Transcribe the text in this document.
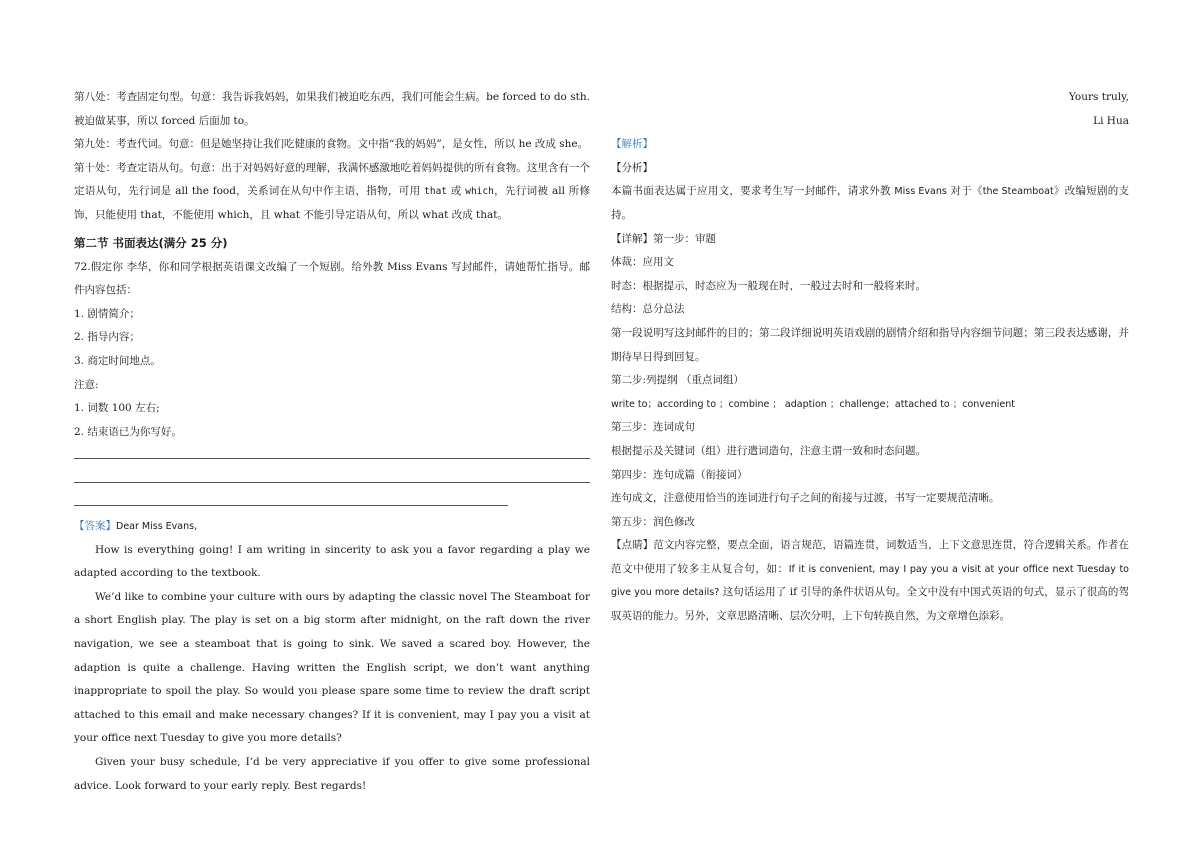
第八处：考查固定句型。句意：我告诉我妈妈，如果我们被迫吃东西，我们可能会生病。be forced to do sth.被迫做某事，所以 forced 后面加 to。

第九处：考查代词。句意：但是她坚持让我们吃健康的食物。文中指“我的妈妈”，是女性，所以 he 改成 she。

第十处：考查定语从句。句意：出于对妈妈好意的理解，我满怀感激地吃着妈妈提供的所有食物。这里含有一个定语从句，先行词是 all the food，关系词在从句中作主语，指物，可用 that 或 which，先行词被 all 所修饰，只能使用 that，不能使用 which，且 what 不能引导定语从句，所以 what 改成 that。

第二节 书面表达(满分 25 分)

72.假定你 李华，你和同学根据英语课文改编了一个短剧。给外教 Miss Evans 写封邮件，请她帮忙指导。邮件内容包括：

1. 剧情简介；

2. 指导内容；

3. 商定时间地点。

注意:

1. 词数 100 左右;

2. 结束语已为你写好。

【答案】Dear Miss Evans,

How is everything going! I am writing in sincerity to ask you a favor regarding a play we adapted according to the textbook.

We’d like to combine your culture with ours by adapting the classic novel The Steamboat for a short English play. The play is set on a big storm after midnight, on the raft down the river navigation, we see a steamboat that is going to sink. We saved a scared boy. However, the adaption is quite a challenge. Having written the English script, we don’t want anything inappropriate to spoil the play. So would you please spare some time to review the draft script attached to this email and make necessary changes? If it is convenient, may I pay you a visit at your office next Tuesday to give you more details?

Given your busy schedule, I’d be very appreciative if you offer to give some professional advice. Look forward to your early reply. Best regards!

Yours truly,

Li Hua

【解析】

【分析】

本篇书面表达属于应用文，要求考生写一封邮件，请求外教 Miss Evans 对于《the Steamboat》改编短剧的支持。

【详解】第一步：审题

体裁：应用文

时态：根据提示，时态应为一般现在时，一般过去时和一般将来时。

结构：总分总法

第一段说明写这封邮件的目的；第二段详细说明英语戏剧的剧情介绍和指导内容细节问题；第三段表达感谢，并期待早日得到回复。

第二步:列提纲 （重点词组）

write to；according to ；combine ； adaption ；challenge；attached to ；convenient

第三步：连词成句

根据提示及关键词（组）进行遣词造句，注意主谓一致和时态问题。

第四步：连句成篇（衔接词）

连句成文，注意使用恰当的连词进行句子之间的衔接与过渡，书写一定要规范清晰。

第五步：润色修改

【点睛】范文内容完整，要点全面，语言规范，语篇连贯，词数适当，上下文意思连贯，符合逻辑关系。作者在范文中使用了较多主从复合句，如：If it is convenient, may I pay you a visit at your office next Tuesday to give you more details? 这句话运用了 if 引导的条件状语从句。全文中没有中国式英语的句式，显示了很高的驾驭英语的能力。另外，文章思路清晰、层次分明，上下句转换自然，为文章增色添彩。
